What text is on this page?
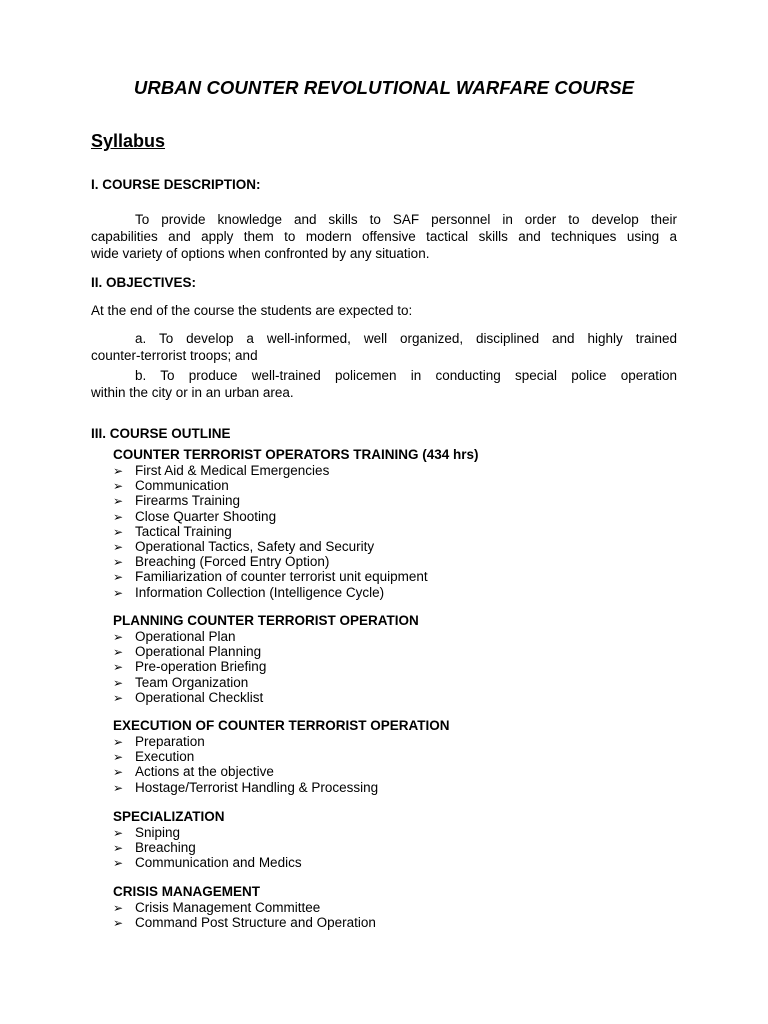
URBAN COUNTER REVOLUTIONAL WARFARE COURSE
Syllabus
I. COURSE DESCRIPTION:
To provide knowledge and skills to SAF personnel in order to develop their
capabilities and apply them to modern offensive tactical skills and techniques using a
wide variety of options when confronted by any situation.
II. OBJECTIVES:
At the end of the course the students are expected to:
a. To develop a well-informed, well organized, disciplined and highly trained
counter-terrorist troops; and
b. To produce well-trained policemen in conducting special police operation
within the city or in an urban area.
III. COURSE OUTLINE
COUNTER TERRORIST OPERATORS TRAINING (434 hrs)
➢ First Aid & Medical Emergencies
➢ Communication
➢ Firearms Training
➢ Close Quarter Shooting
➢ Tactical Training
➢ Operational Tactics, Safety and Security
➢ Breaching (Forced Entry Option)
➢ Familiarization of counter terrorist unit equipment
➢ Information Collection (Intelligence Cycle)
PLANNING COUNTER TERRORIST OPERATION
➢ Operational Plan
➢ Operational Planning
➢ Pre-operation Briefing
➢ Team Organization
➢ Operational Checklist
EXECUTION OF COUNTER TERRORIST OPERATION
➢ Preparation
➢ Execution
➢ Actions at the objective
➢ Hostage/Terrorist Handling & Processing
SPECIALIZATION
➢ Sniping
➢ Breaching
➢ Communication and Medics
CRISIS MANAGEMENT
➢ Crisis Management Committee
➢ Command Post Structure and Operation
